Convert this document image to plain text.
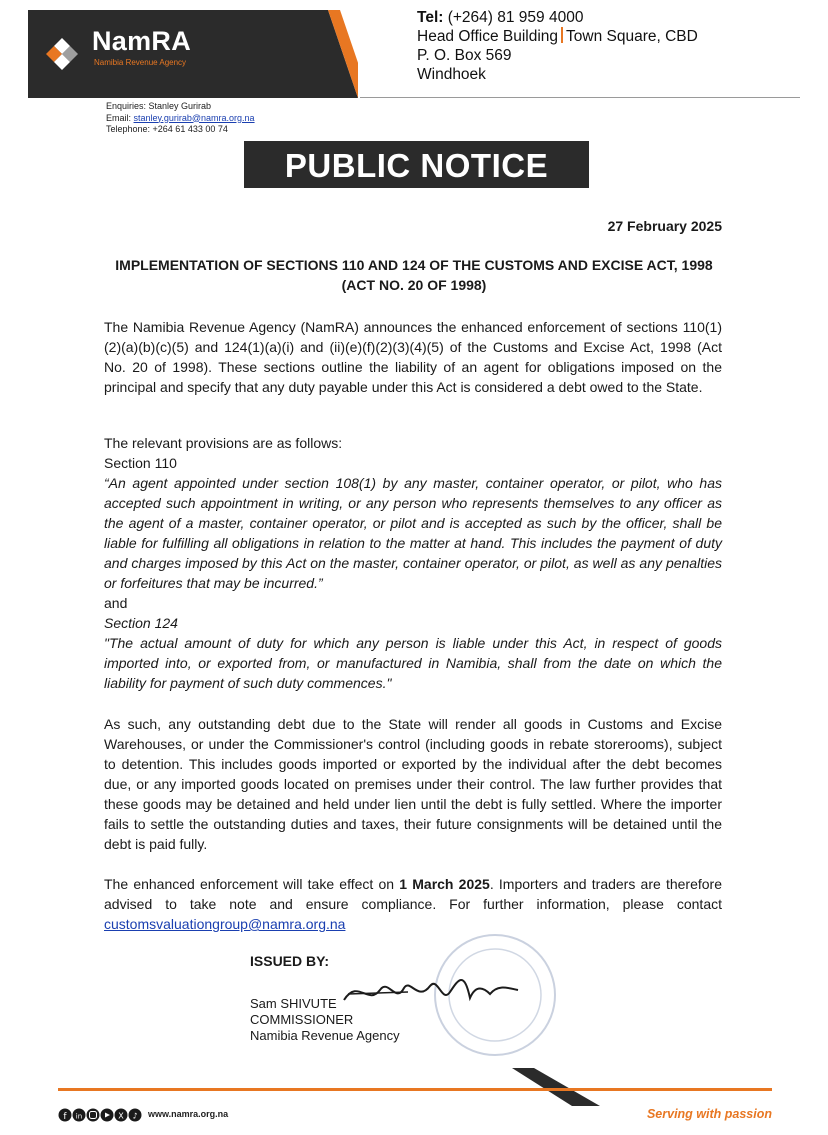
NamRA
Namibia Revenue Agency
Tel: (+264) 81 959 4000
Head Office Building Town Square, CBD
P. O. Box 569
Windhoek
Enquiries: Stanley Gurirab
Email: stanley.gurirab@namra.org.na
Telephone: +264 61 433 00 74
PUBLIC NOTICE
27 February 2025
IMPLEMENTATION OF SECTIONS 110 AND 124 OF THE CUSTOMS AND EXCISE ACT, 1998 (ACT NO. 20 OF 1998)

The Namibia Revenue Agency (NamRA) announces the enhanced enforcement of sections 110(1)(2)(a)(b)(c)(5) and 124(1)(a)(i) and (ii)(e)(f)(2)(3)(4)(5) of the Customs and Excise Act, 1998 (Act No. 20 of 1998). These sections outline the liability of an agent for obligations imposed on the principal and specify that any duty payable under this Act is considered a debt owed to the State.

The relevant provisions are as follows:

Section 110

“An agent appointed under section 108(1) by any master, container operator, or pilot, who has accepted such appointment in writing, or any person who represents themselves to any officer as the agent of a master, container operator, or pilot and is accepted as such by the officer, shall be liable for fulfilling all obligations in relation to the matter at hand. This includes the payment of duty and charges imposed by this Act on the master, container operator, or pilot, as well as any penalties or forfeitures that may be incurred.”

and

Section 124

"The actual amount of duty for which any person is liable under this Act, in respect of goods imported into, or exported from, or manufactured in Namibia, shall from the date on which the liability for payment of such duty commences."

As such, any outstanding debt due to the State will render all goods in Customs and Excise Warehouses, or under the Commissioner's control (including goods in rebate storerooms), subject to detention. This includes goods imported or exported by the individual after the debt becomes due, or any imported goods located on premises under their control. The law further provides that these goods may be detained and held under lien until the debt is fully settled. Where the importer fails to settle the outstanding duties and taxes, their future consignments will be detained until the debt is paid fully.

The enhanced enforcement will take effect on 1 March 2025. Importers and traders are therefore advised to take note and ensure compliance. For further information, please contact customsvaluationgroup@namra.org.na

ISSUED BY:
Sam SHIVUTE
COMMISSIONER
Namibia Revenue Agency
f in	X ♪ www.namra.org.na	Serving with passion
